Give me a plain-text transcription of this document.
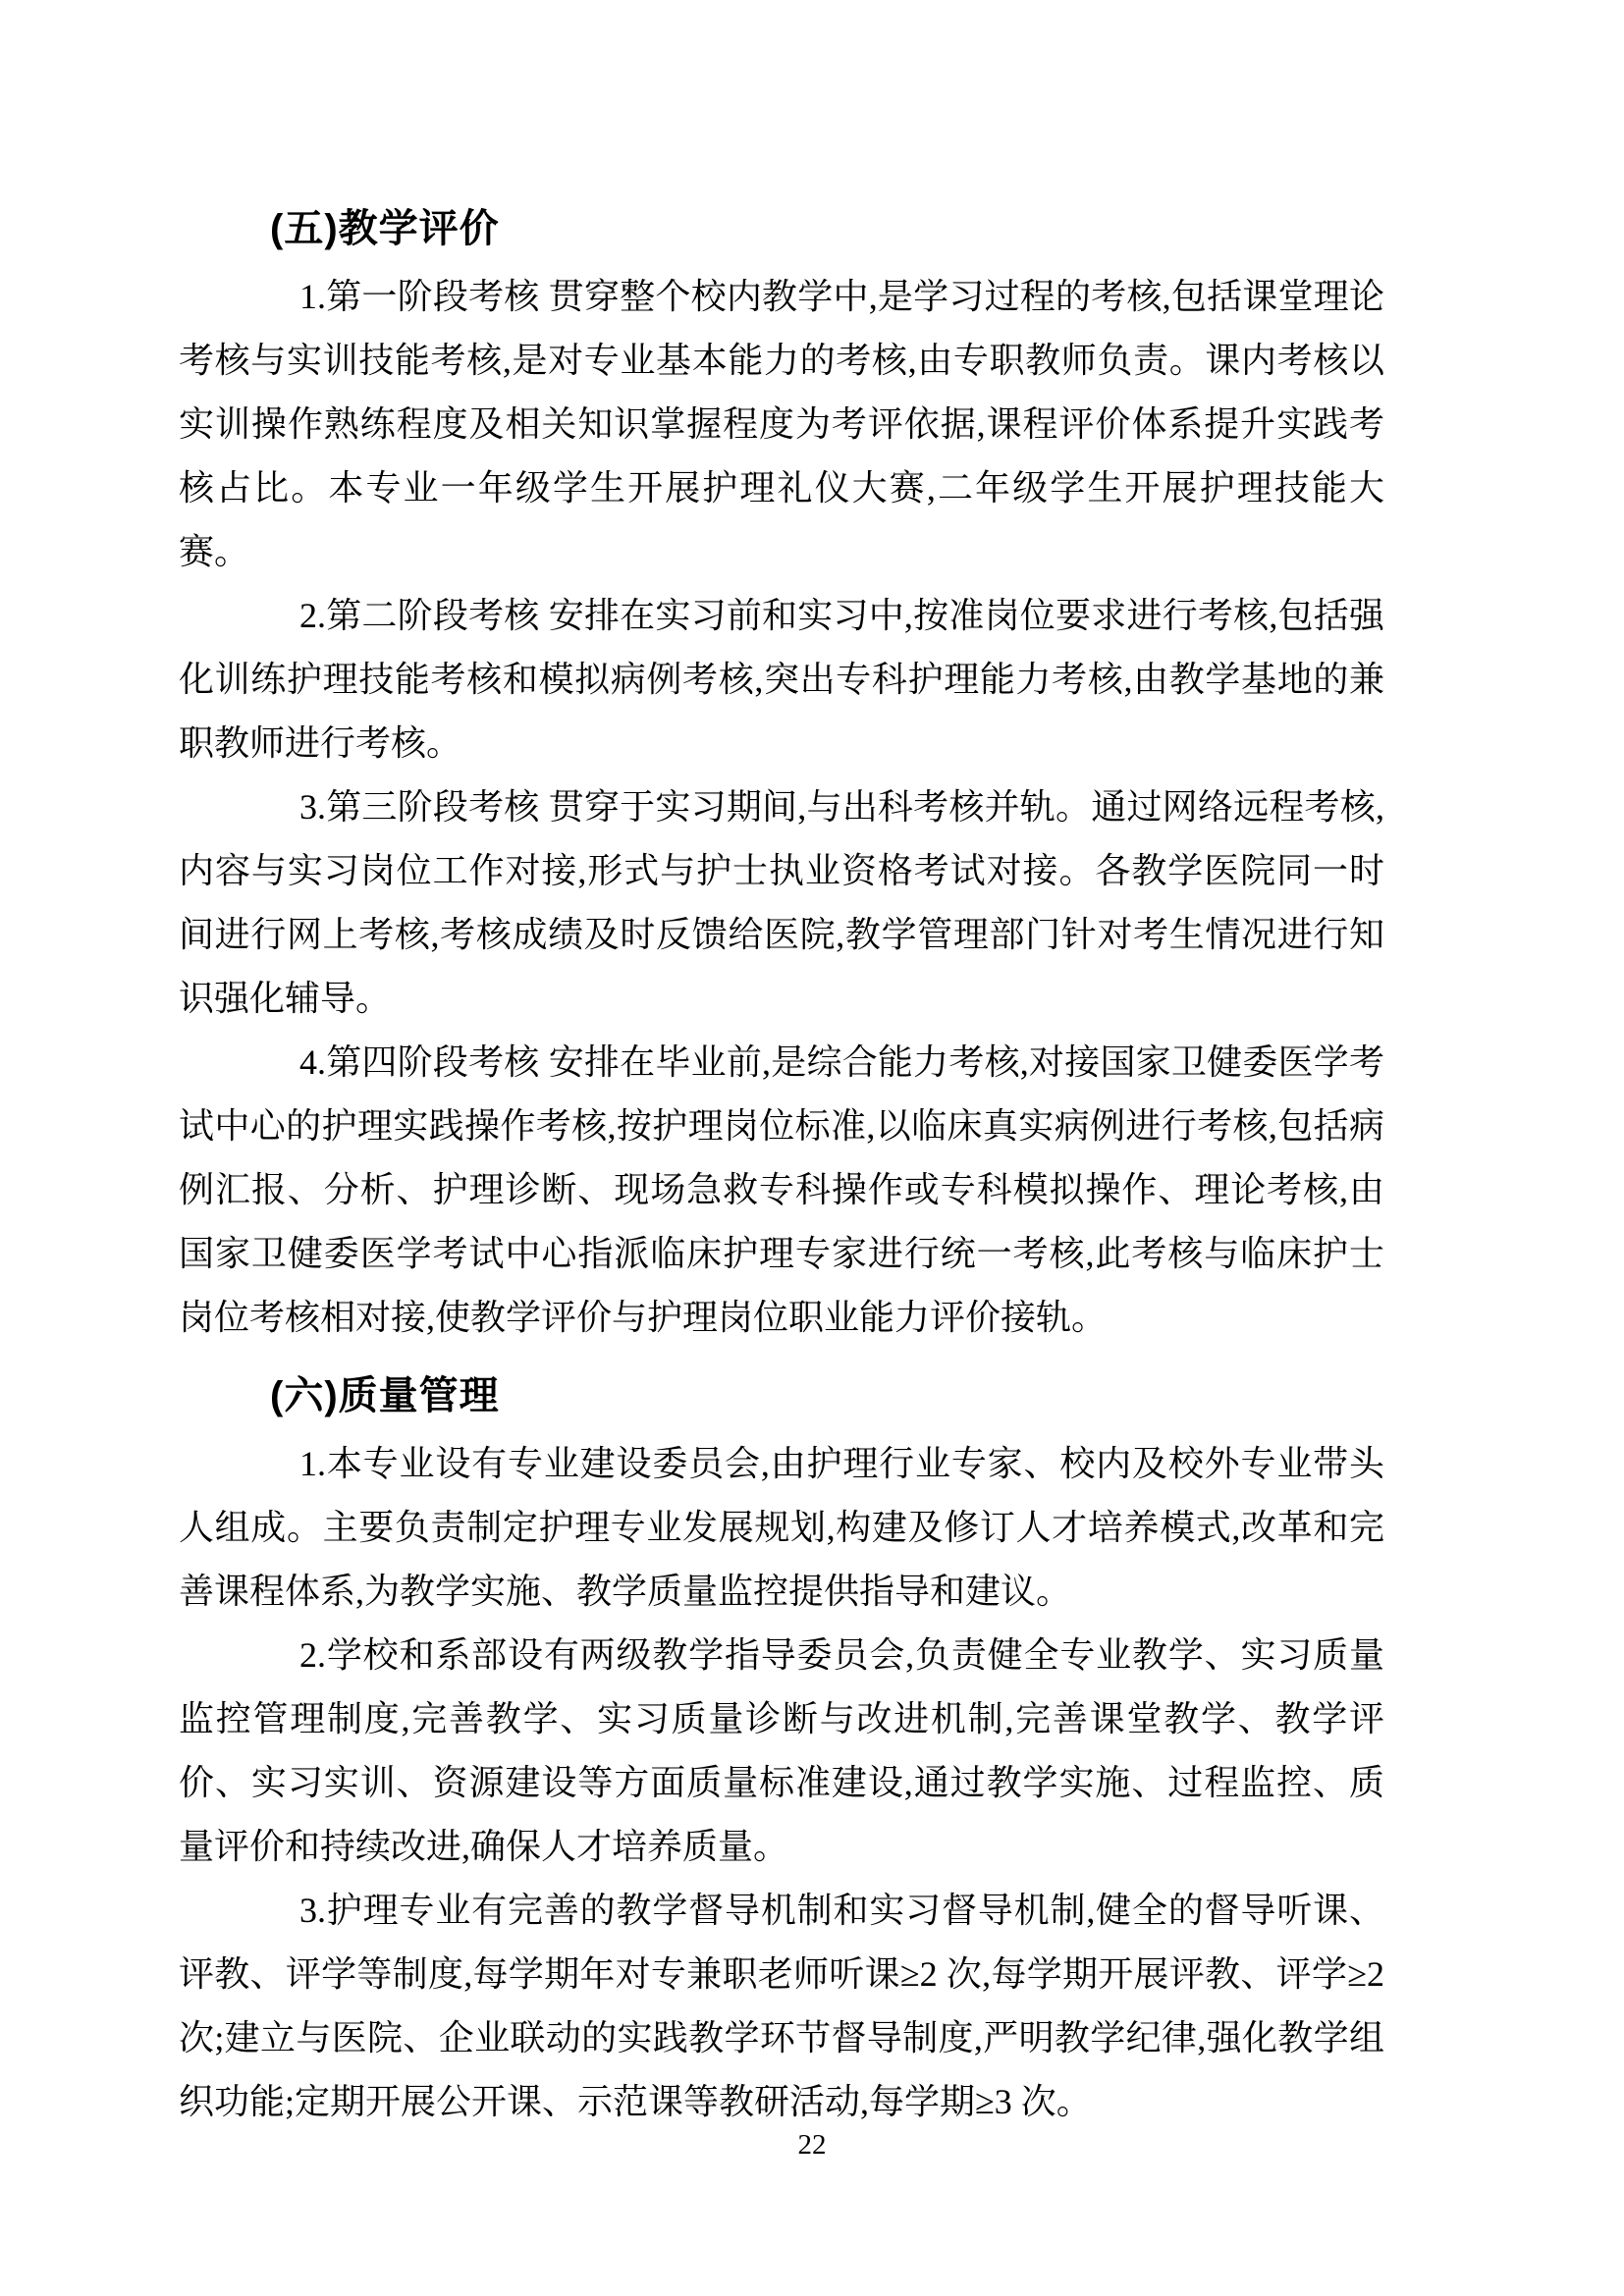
(五)教学评价

1.第一阶段考核 贯穿整个校内教学中,是学习过程的考核,包括课堂理论考核与实训技能考核,是对专业基本能力的考核,由专职教师负责。课内考核以实训操作熟练程度及相关知识掌握程度为考评依据,课程评价体系提升实践考核占比。本专业一年级学生开展护理礼仪大赛,二年级学生开展护理技能大赛。

2.第二阶段考核 安排在实习前和实习中,按准岗位要求进行考核,包括强化训练护理技能考核和模拟病例考核,突出专科护理能力考核,由教学基地的兼职教师进行考核。

3.第三阶段考核 贯穿于实习期间,与出科考核并轨。通过网络远程考核,内容与实习岗位工作对接,形式与护士执业资格考试对接。各教学医院同一时间进行网上考核,考核成绩及时反馈给医院,教学管理部门针对考生情况进行知识强化辅导。

4.第四阶段考核 安排在毕业前,是综合能力考核,对接国家卫健委医学考试中心的护理实践操作考核,按护理岗位标准,以临床真实病例进行考核,包括病例汇报、分析、护理诊断、现场急救专科操作或专科模拟操作、理论考核,由国家卫健委医学考试中心指派临床护理专家进行统一考核,此考核与临床护士岗位考核相对接,使教学评价与护理岗位职业能力评价接轨。

(六)质量管理

1.本专业设有专业建设委员会,由护理行业专家、校内及校外专业带头人组成。主要负责制定护理专业发展规划,构建及修订人才培养模式,改革和完善课程体系,为教学实施、教学质量监控提供指导和建议。

2.学校和系部设有两级教学指导委员会,负责健全专业教学、实习质量监控管理制度,完善教学、实习质量诊断与改进机制,完善课堂教学、教学评价、实习实训、资源建设等方面质量标准建设,通过教学实施、过程监控、质量评价和持续改进,确保人才培养质量。

3.护理专业有完善的教学督导机制和实习督导机制,健全的督导听课、评教、评学等制度,每学期年对专兼职老师听课≥2 次,每学期开展评教、评学≥2 次;建立与医院、企业联动的实践教学环节督导制度,严明教学纪律,强化教学组织功能;定期开展公开课、示范课等教研活动,每学期≥3 次。

22
